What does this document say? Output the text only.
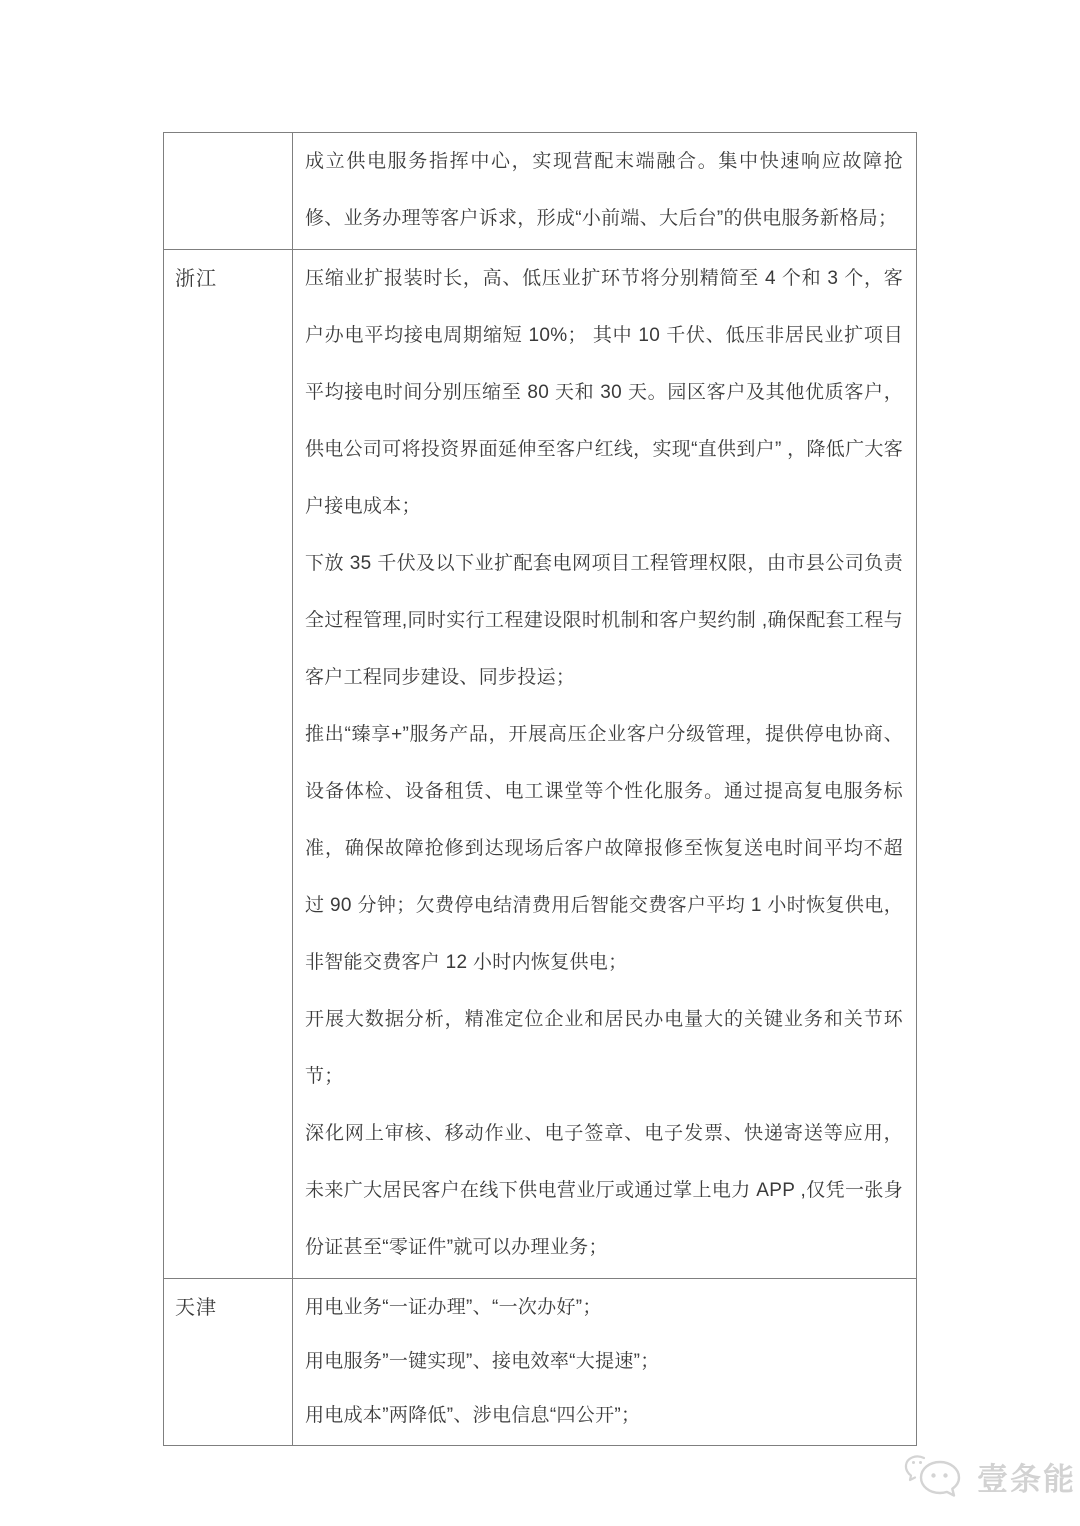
成立供电服务指挥中心，实现营配末端融合。集中快速响应故障抢修、业务办理等客户诉求，形成“小前端、大后台”的供电服务新格局；

浙江	压缩业扩报装时长，高、低压业扩环节将分别精简至 4 个和 3 个，客户办电平均接电周期缩短 10%； 其中 10 千伏、低压非居民业扩项目平均接电时间分别压缩至 80 天和 30 天。园区客户及其他优质客户，供电公司可将投资界面延伸至客户红线，实现“直供到户” ，降低广大客户接电成本；

下放 35 千伏及以下业扩配套电网项目工程管理权限，由市县公司负责全过程管理,同时实行工程建设限时机制和客户契约制 ,确保配套工程与客户工程同步建设、同步投运；

推出“臻享+”服务产品，开展高压企业客户分级管理，提供停电协商、设备体检、设备租赁、电工课堂等个性化服务。通过提高复电服务标准，确保故障抢修到达现场后客户故障报修至恢复送电时间平均不超过 90 分钟；欠费停电结清费用后智能交费客户平均 1 小时恢复供电，非智能交费客户 12 小时内恢复供电；

开展大数据分析，精准定位企业和居民办电量大的关键业务和关节环节；

深化网上审核、移动作业、电子签章、电子发票、快递寄送等应用，未来广大居民客户在线下供电营业厅或通过掌上电力 APP ,仅凭一张身份证甚至“零证件”就可以办理业务；

天津	用电业务“一证办理”、“一次办好”；

用电服务”一键实现”、接电效率“大提速”；

用电成本”两降低”、涉电信息“四公开”；

壹条能
